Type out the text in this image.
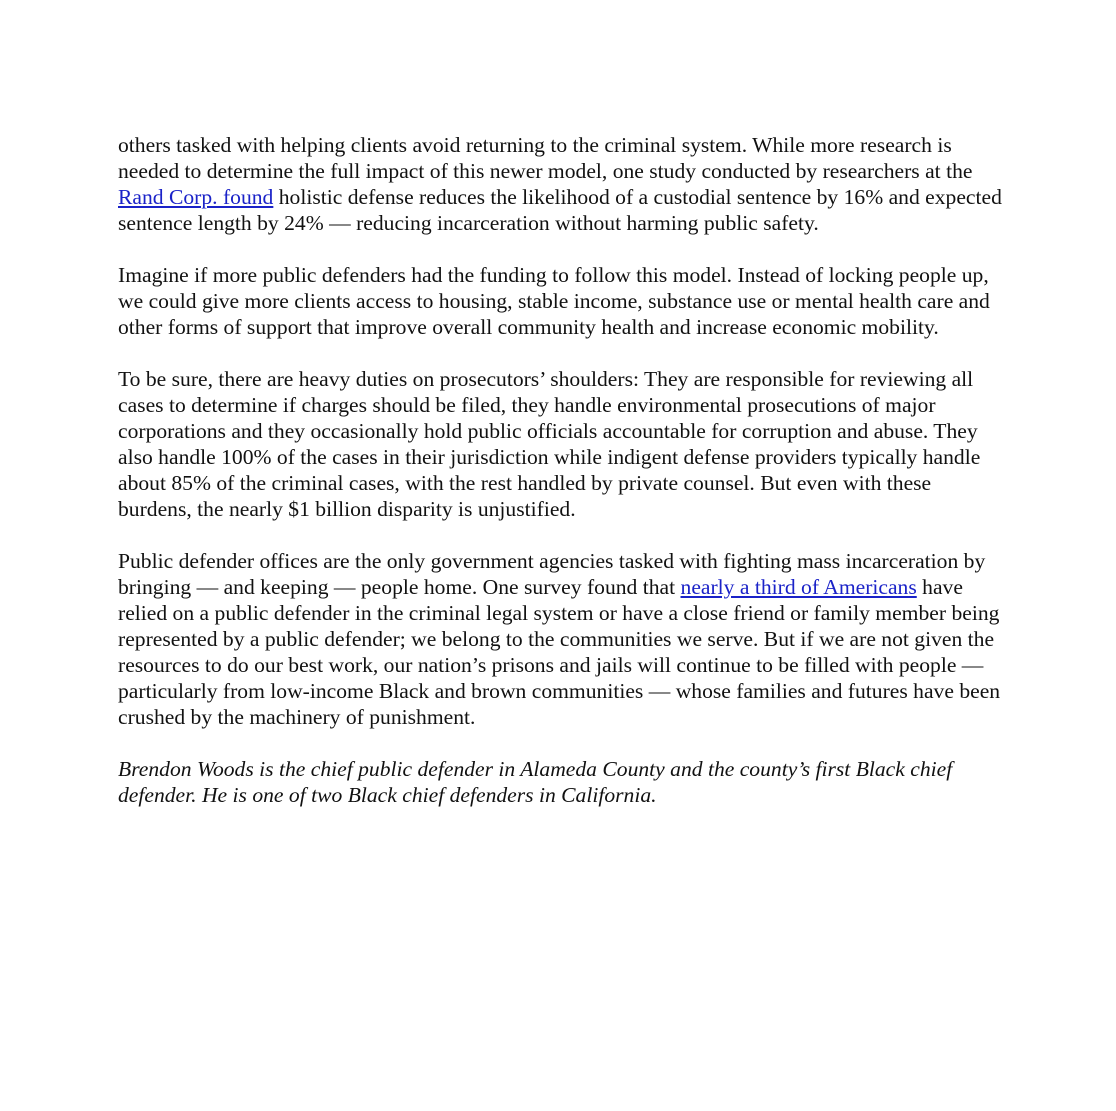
others tasked with helping clients avoid returning to the criminal system. While more research is needed to determine the full impact of this newer model, one study conducted by researchers at the Rand Corp. found holistic defense reduces the likelihood of a custodial sentence by 16% and expected sentence length by 24% — reducing incarceration without harming public safety.

Imagine if more public defenders had the funding to follow this model. Instead of locking people up, we could give more clients access to housing, stable income, substance use or mental health care and other forms of support that improve overall community health and increase economic mobility.

To be sure, there are heavy duties on prosecutors’ shoulders: They are responsible for reviewing all cases to determine if charges should be filed, they handle environmental prosecutions of major corporations and they occasionally hold public officials accountable for corruption and abuse. They also handle 100% of the cases in their jurisdiction while indigent defense providers typically handle about 85% of the criminal cases, with the rest handled by private counsel. But even with these burdens, the nearly $1 billion disparity is unjustified.

Public defender offices are the only government agencies tasked with fighting mass incarceration by bringing — and keeping — people home. One survey found that nearly a third of Americans have relied on a public defender in the criminal legal system or have a close friend or family member being represented by a public defender; we belong to the communities we serve. But if we are not given the resources to do our best work, our nation’s prisons and jails will continue to be filled with people — particularly from low-income Black and brown communities — whose families and futures have been crushed by the machinery of punishment.

Brendon Woods is the chief public defender in Alameda County and the county’s first Black chief defender. He is one of two Black chief defenders in California.
